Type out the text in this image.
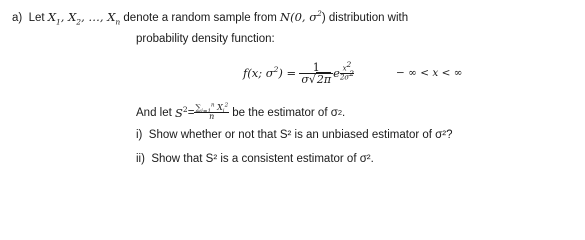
a) Let $X_1$, $X_2$, …, $X_n$ denote a random sample from N(0, $\sigma^2$) distribution with
probability density function:
f(x; $\sigma^2$) =
$\frac{1}{\sigma√2\pi}$ e $\frac{x^2}{2\sigma^2}$	− ∞ < x < ∞
And let
$S^2 = \frac{\sum_{i=1}^n X_i^2}{n}$
be the estimator of σ 2 .
i) Show whether or not that S² is an unbiased estimator of σ²?
ii) Show that S² is a consistent estimator of σ².
